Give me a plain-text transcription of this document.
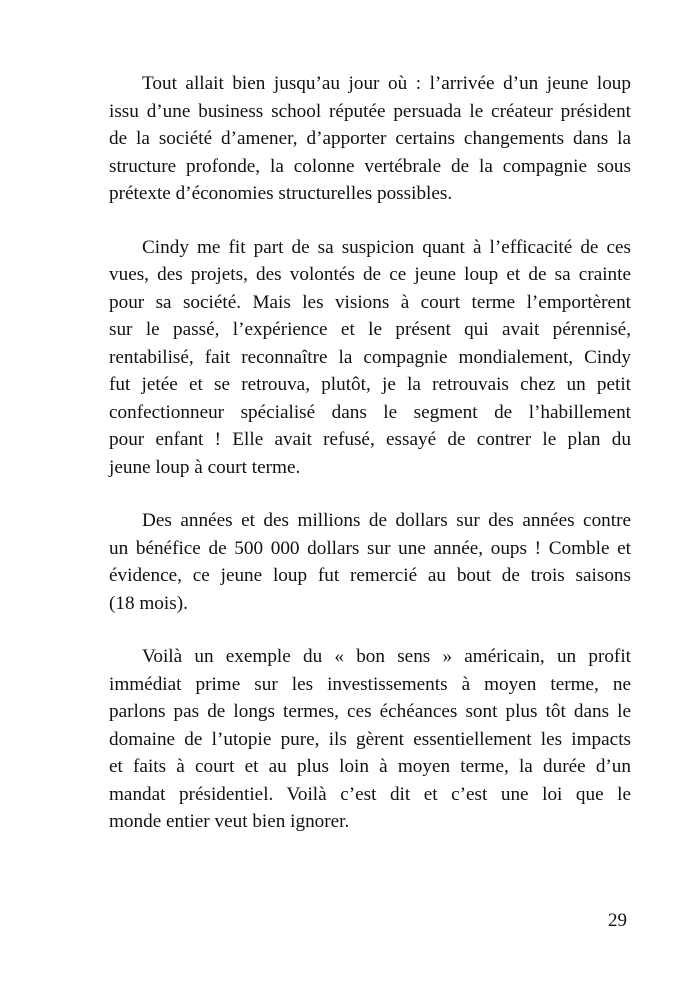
Tout allait bien jusqu’au jour où : l’arrivée d’un jeune loup
issu d’une business school réputée persuada le créateur président
de la société d’amener, d’apporter certains changements dans la
structure profonde, la colonne vertébrale de la compagnie sous
prétexte d’économies structurelles possibles.
Cindy me fit part de sa suspicion quant à l’efficacité de ces
vues, des projets, des volontés de ce jeune loup et de sa crainte
pour sa société. Mais les visions à court terme l’emportèrent
sur le passé, l’expérience et le présent qui avait pérennisé,
rentabilisé, fait reconnaître la compagnie mondialement, Cindy
fut jetée et se retrouva, plutôt, je la retrouvais chez un petit
confectionneur spécialisé dans le segment de l’habillement
pour enfant ! Elle avait refusé, essayé de contrer le plan du
jeune loup à court terme.
Des années et des millions de dollars sur des années contre
un bénéfice de 500 000 dollars sur une année, oups ! Comble et
évidence, ce jeune loup fut remercié au bout de trois saisons
(18 mois).
Voilà un exemple du « bon sens » américain, un profit
immédiat prime sur les investissements à moyen terme, ne
parlons pas de longs termes, ces échéances sont plus tôt dans le
domaine de l’utopie pure, ils gèrent essentiellement les impacts
et faits à court et au plus loin à moyen terme, la durée d’un
mandat présidentiel. Voilà c’est dit et c’est une loi que le
monde entier veut bien ignorer.
29
